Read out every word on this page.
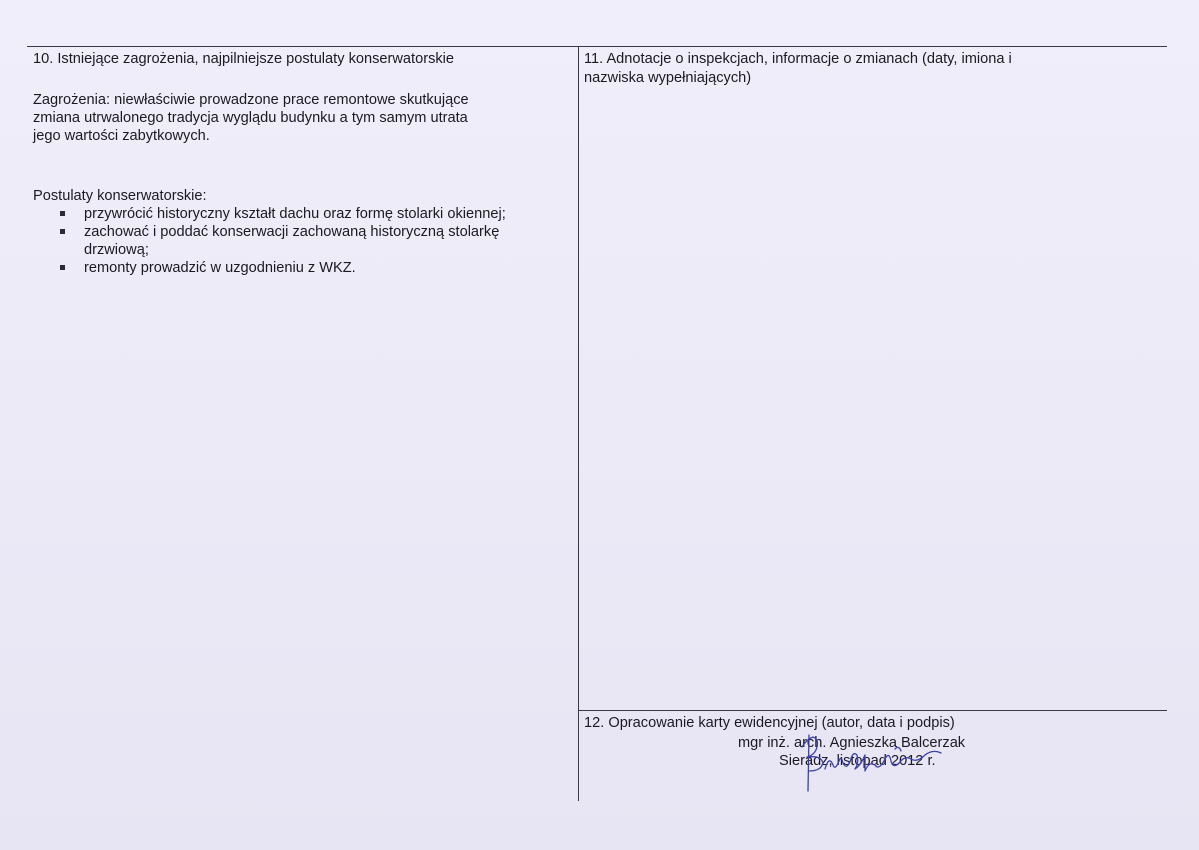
10. Istniejące zagrożenia, najpilniejsze postulaty konserwatorskie
Zagrożenia: niewłaściwie prowadzone prace remontowe skutkujące
zmiana utrwalonego tradycja wyglądu budynku a tym samym utrata
jego wartości zabytkowych.
Postulaty konserwatorskie:
przywrócić historyczny kształt dachu oraz formę stolarki okiennej;
zachować i poddać konserwacji zachowaną historyczną stolarkę drzwiową;
remonty prowadzić w uzgodnieniu z WKZ.
11. Adnotacje o inspekcjach, informacje o zmianach (daty, imiona i
nazwiska wypełniających)
12. Opracowanie karty ewidencyjnej (autor, data i podpis)
mgr inż. arch. Agnieszka Balcerzak
Sieradz, listopad 2012 r.
